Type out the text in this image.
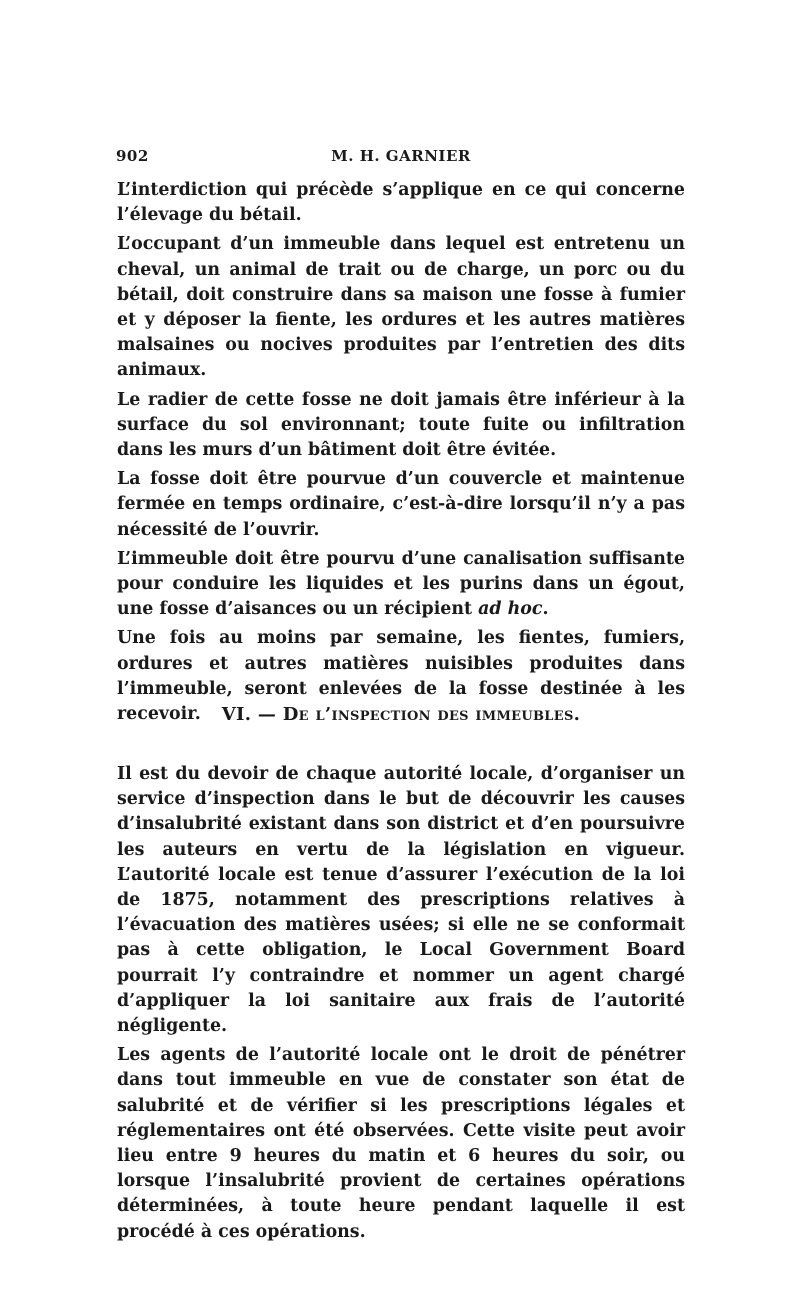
902	M. H. GARNIER

L’interdiction qui précède s’applique en ce qui concerne l’élevage du bétail.

L’occupant d’un immeuble dans lequel est entretenu un cheval, un animal de trait ou de charge, un porc ou du bétail, doit construire dans sa maison une fosse à fumier et y déposer la fiente, les ordures et les autres matières malsaines ou nocives produites par l’entretien des dits animaux.

Le radier de cette fosse ne doit jamais être inférieur à la surface du sol environnant; toute fuite ou infiltration dans les murs d’un bâtiment doit être évitée.

La fosse doit être pourvue d’un couvercle et maintenue fermée en temps ordinaire, c’est-à-dire lorsqu’il n’y a pas nécessité de l’ouvrir.

L’immeuble doit être pourvu d’une canalisation suffisante pour conduire les liquides et les purins dans un égout, une fosse d’aisances ou un récipient ad hoc.

Une fois au moins par semaine, les fientes, fumiers, ordures et autres matières nuisibles produites dans l’immeuble, seront enlevées de la fosse destinée à les recevoir.	VI. — De l’inspection des immeubles.

Il est du devoir de chaque autorité locale, d’organiser un service d’inspection dans le but de découvrir les causes d’insalubrité existant dans son district et d’en poursuivre les auteurs en vertu de la législation en vigueur. L’autorité locale est tenue d’assurer l’exécution de la loi de 1875, notamment des prescriptions relatives à l’évacuation des matières usées; si elle ne se conformait pas à cette obligation, le Local Government Board pourrait l’y contraindre et nommer un agent chargé d’appliquer la loi sanitaire aux frais de l’autorité négligente.

Les agents de l’autorité locale ont le droit de pénétrer dans tout immeuble en vue de constater son état de salubrité et de vérifier si les prescriptions légales et réglementaires ont été observées. Cette visite peut avoir lieu entre 9 heures du matin et 6 heures du soir, ou lorsque l’insalubrité provient de certaines opérations déterminées, à toute heure pendant laquelle il est procédé à ces opérations.
